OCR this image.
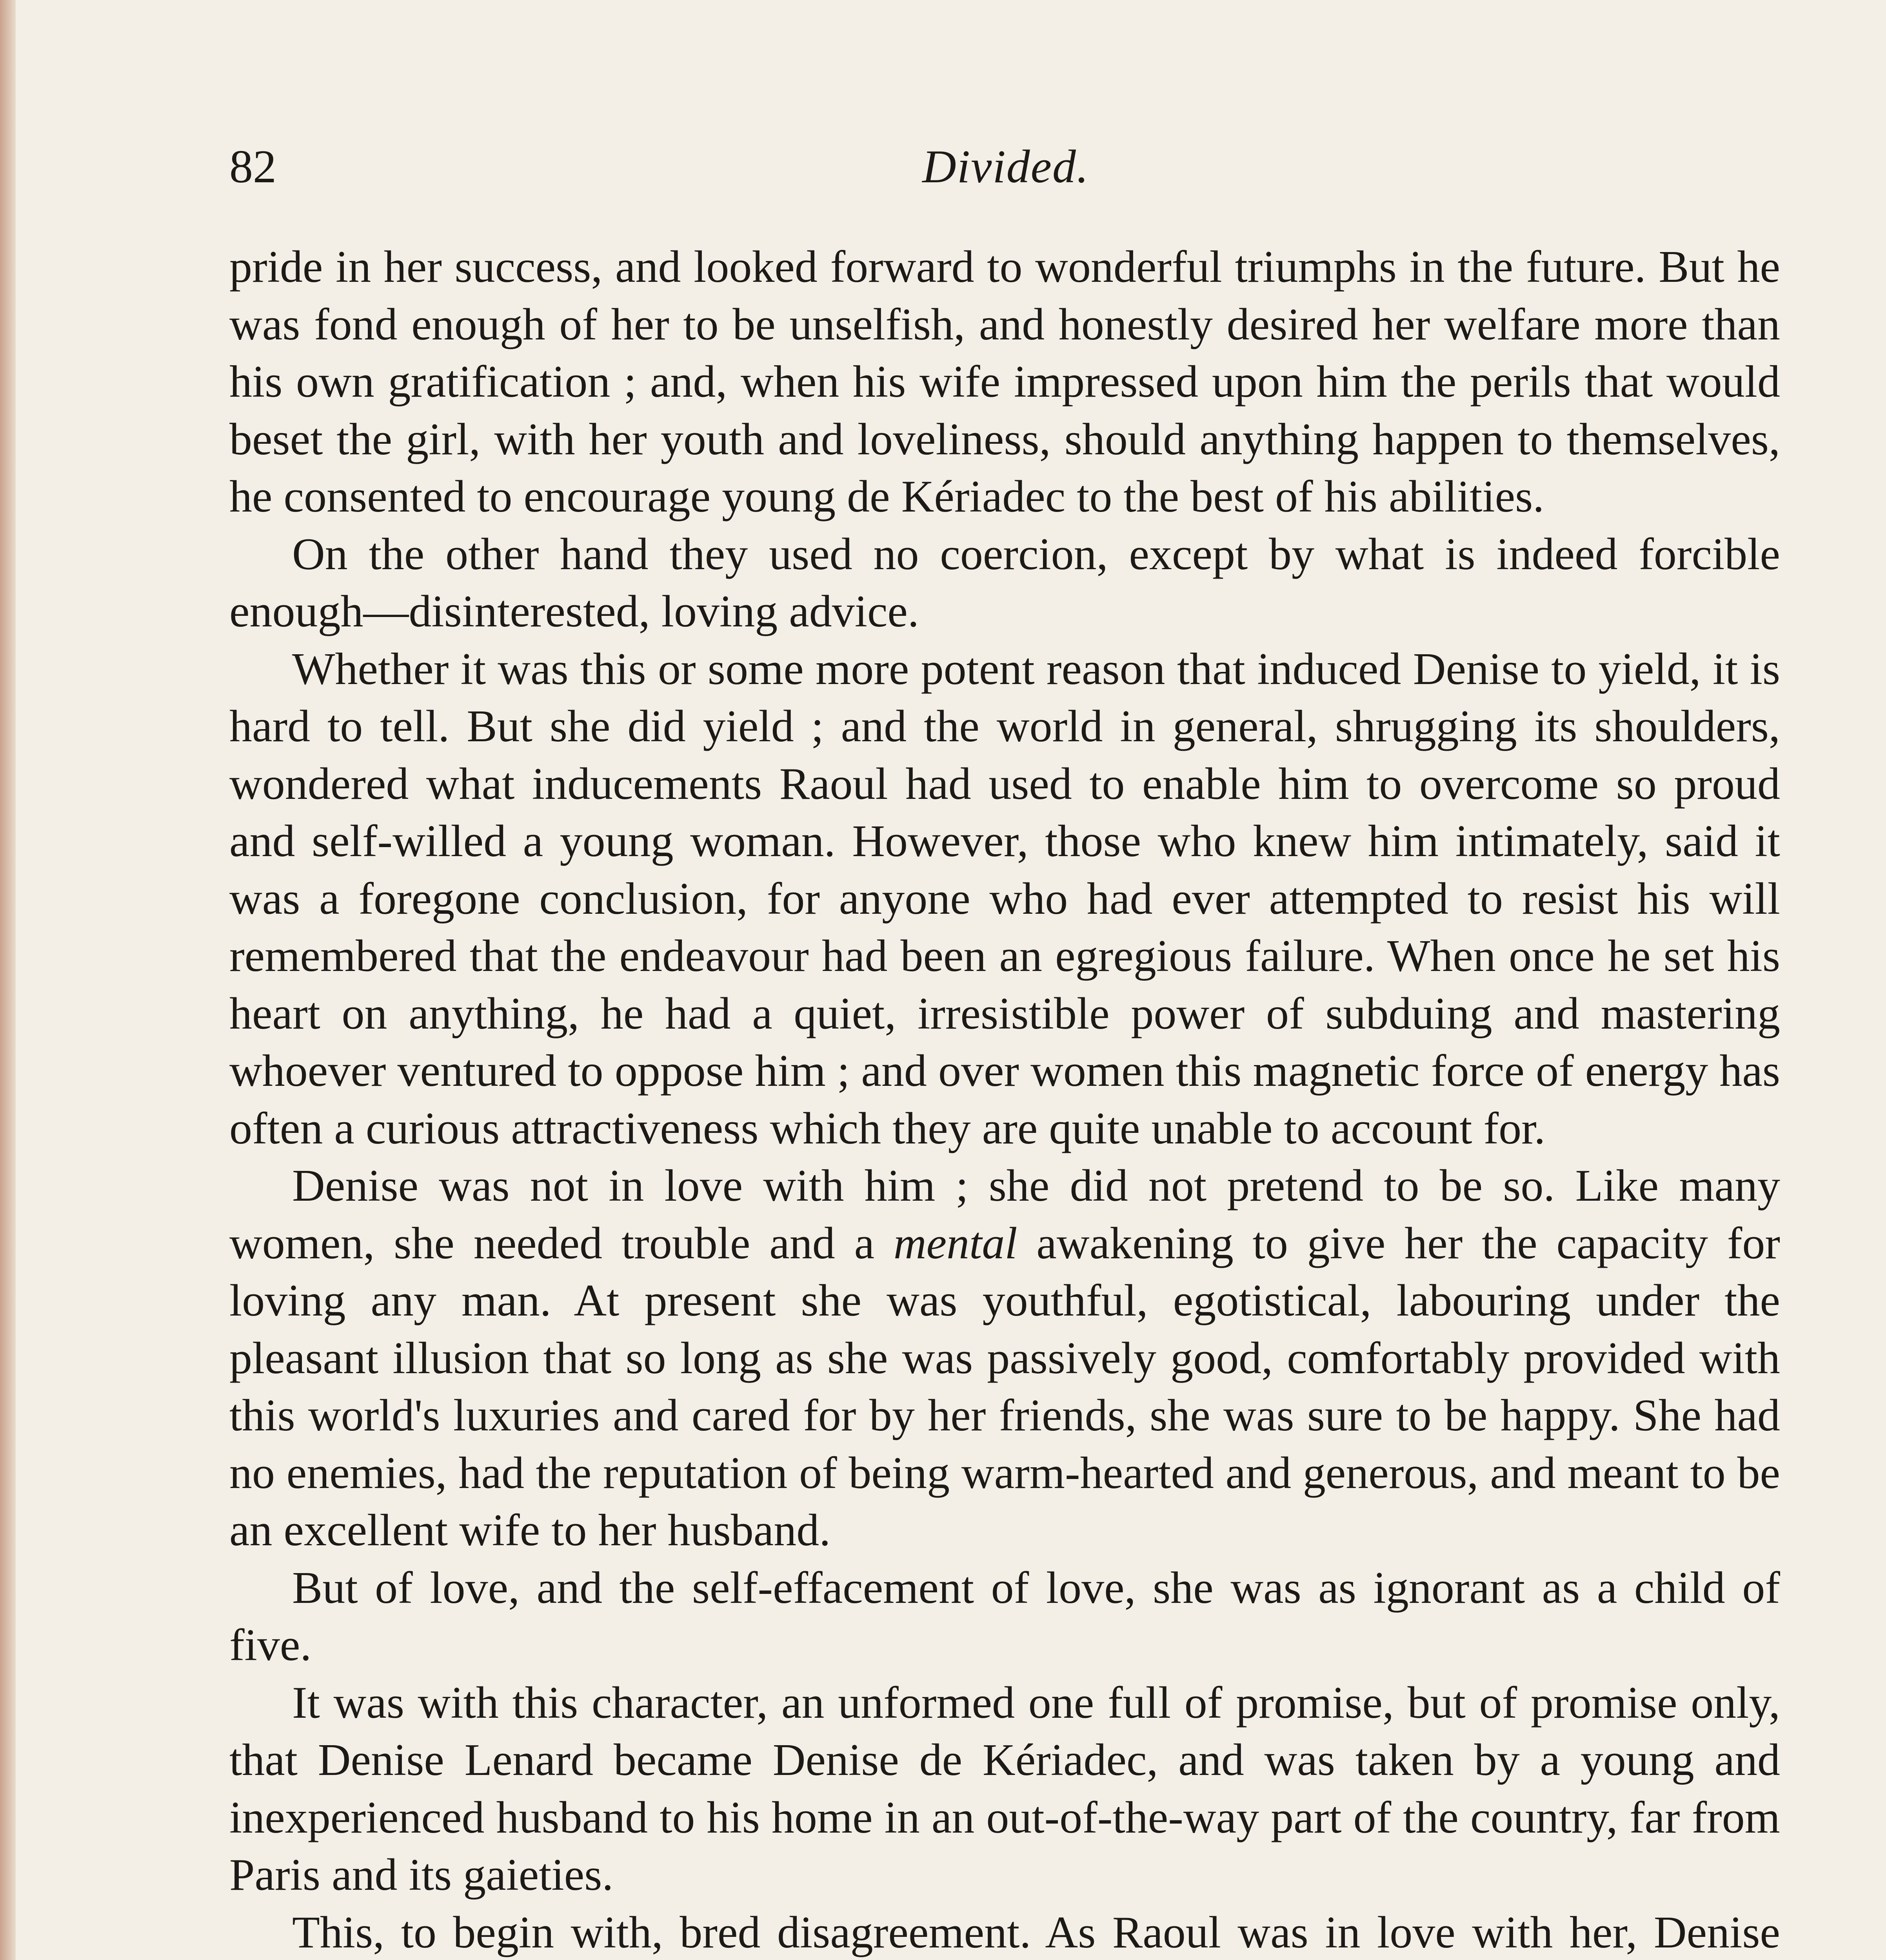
82	Divided.

pride in her success, and looked forward to wonderful triumphs in the future. But he was fond enough of her to be unselfish, and honestly desired her welfare more than his own gratification ; and, when his wife impressed upon him the perils that would beset the girl, with her youth and loveliness, should anything happen to themselves, he consented to encourage young de Kériadec to the best of his abilities.

On the other hand they used no coercion, except by what is indeed forcible enough—disinterested, loving advice.

Whether it was this or some more potent reason that induced Denise to yield, it is hard to tell. But she did yield ; and the world in general, shrugging its shoulders, wondered what inducements Raoul had used to enable him to overcome so proud and self-willed a young woman. However, those who knew him intimately, said it was a foregone conclusion, for anyone who had ever attempted to resist his will remembered that the endeavour had been an egregious failure. When once he set his heart on anything, he had a quiet, irresistible power of subduing and mastering whoever ventured to oppose him ; and over women this magnetic force of energy has often a curious attractiveness which they are quite unable to account for.

Denise was not in love with him ; she did not pretend to be so. Like many women, she needed trouble and a mental awakening to give her the capacity for loving any man. At present she was youthful, egotistical, labouring under the pleasant illusion that so long as she was passively good, comfortably provided with this world's luxuries and cared for by her friends, she was sure to be happy. She had no enemies, had the reputation of being warm-hearted and generous, and meant to be an excellent wife to her husband.

But of love, and the self-effacement of love, she was as ignorant as a child of five.

It was with this character, an unformed one full of promise, but of promise only, that Denise Lenard became Denise de Kériadec, and was taken by a young and inexperienced husband to his home in an out-of-the-way part of the country, far from Paris and its gaieties.

This, to begin with, bred disagreement. As Raoul was in love with her, Denise
